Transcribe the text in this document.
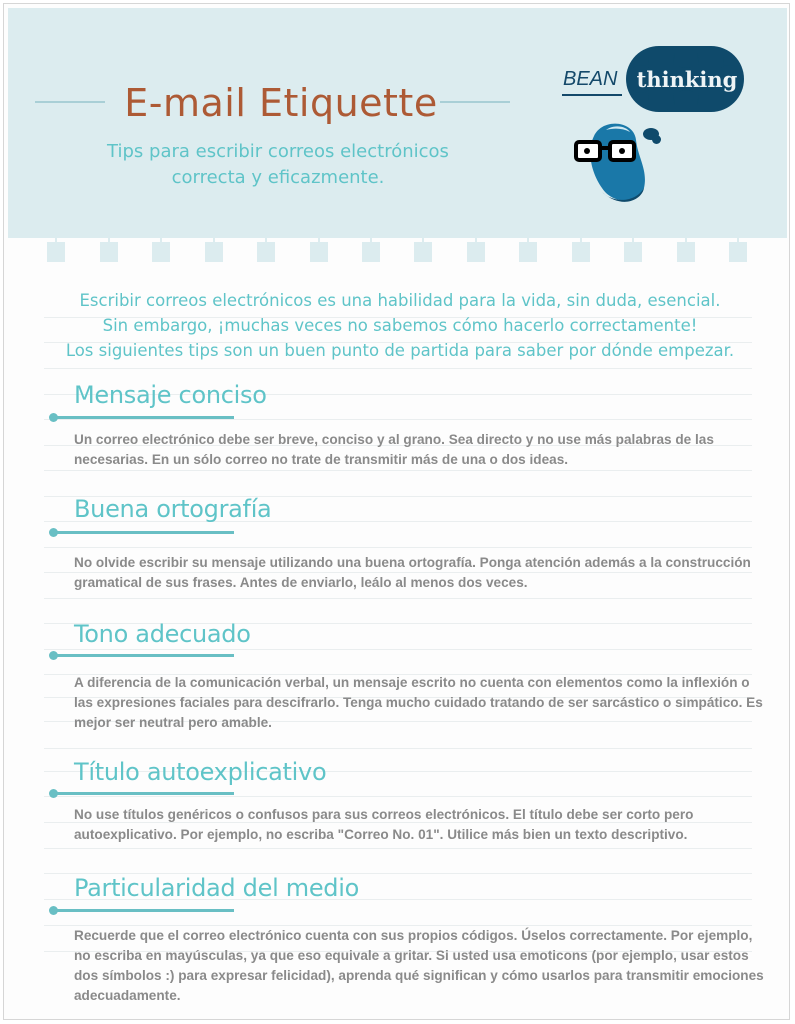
E-mail Etiquette
Tips para escribir correos electrónicos
correcta y eficazmente.
BEAN thinking
Escribir correos electrónicos es una habilidad para la vida, sin duda, esencial.
Sin embargo, ¡muchas veces no sabemos cómo hacerlo correctamente!
Los siguientes tips son un buen punto de partida para saber por dónde empezar.
Mensaje conciso
Un correo electrónico debe ser breve, conciso y al grano. Sea directo y no use más palabras de las necesarias. En un sólo correo no trate de transmitir más de una o dos ideas.
Buena ortografía
No olvide escribir su mensaje utilizando una buena ortografía. Ponga atención además a la construcción gramatical de sus frases. Antes de enviarlo, leálo al menos dos veces.
Tono adecuado
A diferencia de la comunicación verbal, un mensaje escrito no cuenta con elementos como la inflexión o las expresiones faciales para descifrarlo. Tenga mucho cuidado tratando de ser sarcástico o simpático. Es mejor ser neutral pero amable.
Título autoexplicativo
No use títulos genéricos o confusos para sus correos electrónicos. El título debe ser corto pero autoexplicativo. Por ejemplo, no escriba "Correo No. 01". Utilice más bien un texto descriptivo.
Particularidad del medio
Recuerde que el correo electrónico cuenta con sus propios códigos. Úselos correctamente. Por ejemplo, no escriba en mayúsculas, ya que eso equivale a gritar. Si usted usa emoticons (por ejemplo, usar estos dos símbolos :) para expresar felicidad), aprenda qué significan y cómo usarlos para transmitir emociones adecuadamente.
